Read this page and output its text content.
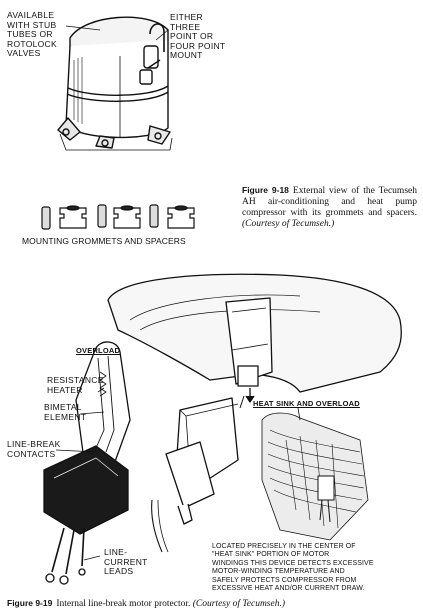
AVAILABLE
WITH STUB
TUBES OR
ROTOLOCK
VALVES
EITHER
THREE
POINT OR
FOUR POINT
MOUNT
MOUNTING GROMMETS AND SPACERS
Figure 9-18 External view of the Tecumseh AH air-conditioning and heat pump compressor with its grommets and spacers. (Courtesy of Tecumseh.)
OVERLOAD
RESISTANCE
HEATER
BIMETAL
ELEMENT
LINE-BREAK
CONTACTS
LINE-
CURRENT
LEADS
HEAT SINK AND OVERLOAD
LOCATED PRECISELY IN THE CENTER OF
"HEAT SINK" PORTION OF MOTOR
WINDINGS THIS DEVICE DETECTS EXCESSIVE
MOTOR-WINDING TEMPERATURE AND
SAFELY PROTECTS COMPRESSOR FROM
EXCESSIVE HEAT AND/OR CURRENT DRAW.
Figure 9-19 Internal line-break motor protector. (Courtesy of Tecumseh.)
